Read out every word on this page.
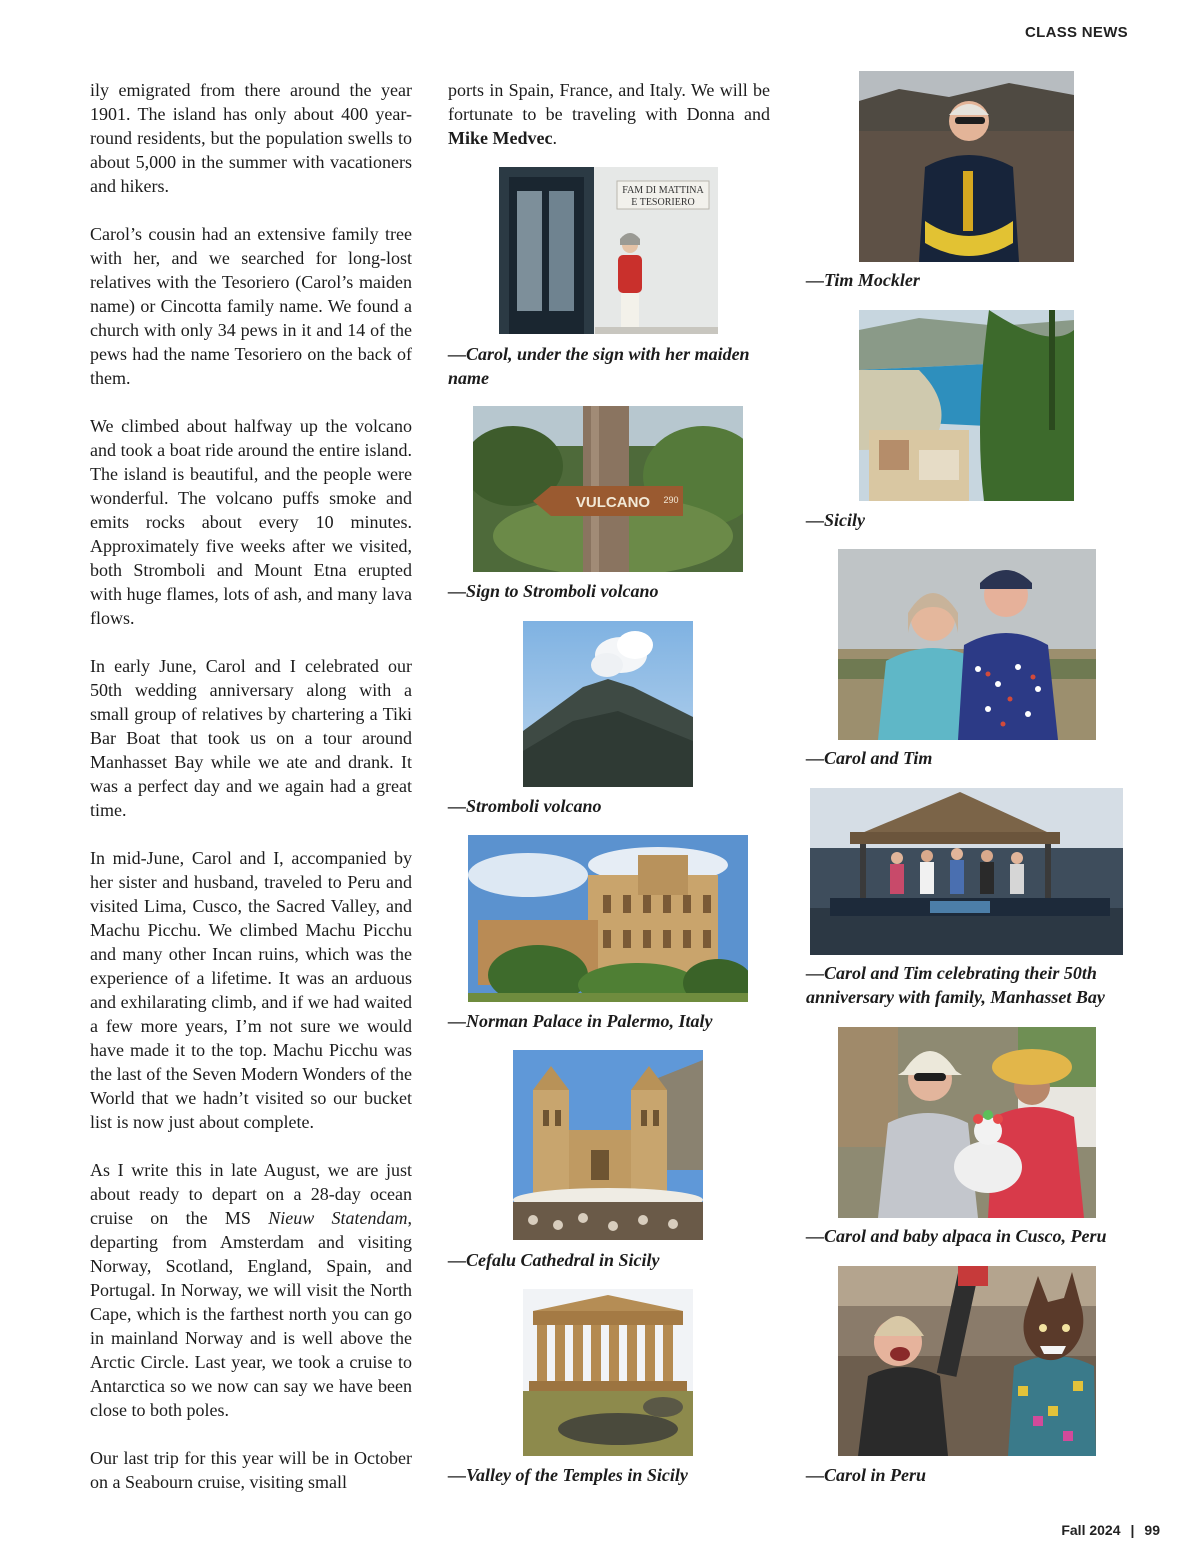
CLASS NEWS

ily emigrated from there around the year 1901. The island has only about 400 year-round residents, but the population swells to about 5,000 in the summer with vacationers and hikers.

Carol’s cousin had an extensive family tree with her, and we searched for long-lost relatives with the Tesoriero (Carol’s maiden name) or Cincotta family name. We found a church with only 34 pews in it and 14 of the pews had the name Tesoriero on the back of them.

We climbed about halfway up the volcano and took a boat ride around the entire island. The island is beautiful, and the people were wonderful. The volcano puffs smoke and emits rocks about every 10 minutes. Approximately five weeks after we visited, both Stromboli and Mount Etna erupted with huge flames, lots of ash, and many lava flows.

In early June, Carol and I celebrated our 50th wedding anniversary along with a small group of relatives by chartering a Tiki Bar Boat that took us on a tour around Manhasset Bay while we ate and drank. It was a perfect day and we again had a great time.

In mid-June, Carol and I, accompanied by her sister and husband, traveled to Peru and visited Lima, Cusco, the Sacred Valley, and Machu Picchu. We climbed Machu Picchu and many other Incan ruins, which was the experience of a lifetime. It was an arduous and exhilarating climb, and if we had waited a few more years, I’m not sure we would have made it to the top. Machu Picchu was the last of the Seven Modern Wonders of the World that we hadn’t visited so our bucket list is now just about complete.

As I write this in late August, we are just about ready to depart on a 28-day ocean cruise on the MS Nieuw Statendam, departing from Amsterdam and visiting Norway, Scotland, England, Spain, and Portugal. In Norway, we will visit the North Cape, which is the farthest north you can go in mainland Norway and is well above the Arctic Circle. Last year, we took a cruise to Antarctica so we now can say we have been close to both poles.

Our last trip for this year will be in October on a Seabourn cruise, visiting small

ports in Spain, France, and Italy. We will be fortunate to be traveling with Donna and Mike Medvec.

FAM DI MATTINA
E TESORIERO
—Carol, under the sign with her maiden name
VULCANO 290
—Sign to Stromboli volcano
—Stromboli volcano
—Norman Palace in Palermo, Italy
—Cefalu Cathedral in Sicily
—Valley of the Temples in Sicily
—Tim Mockler
—Sicily
—Carol and Tim
—Carol and Tim celebrating their 50th anniversary with family, Manhasset Bay
—Carol and baby alpaca in Cusco, Peru
—Carol in Peru
Fall 2024 | 99
